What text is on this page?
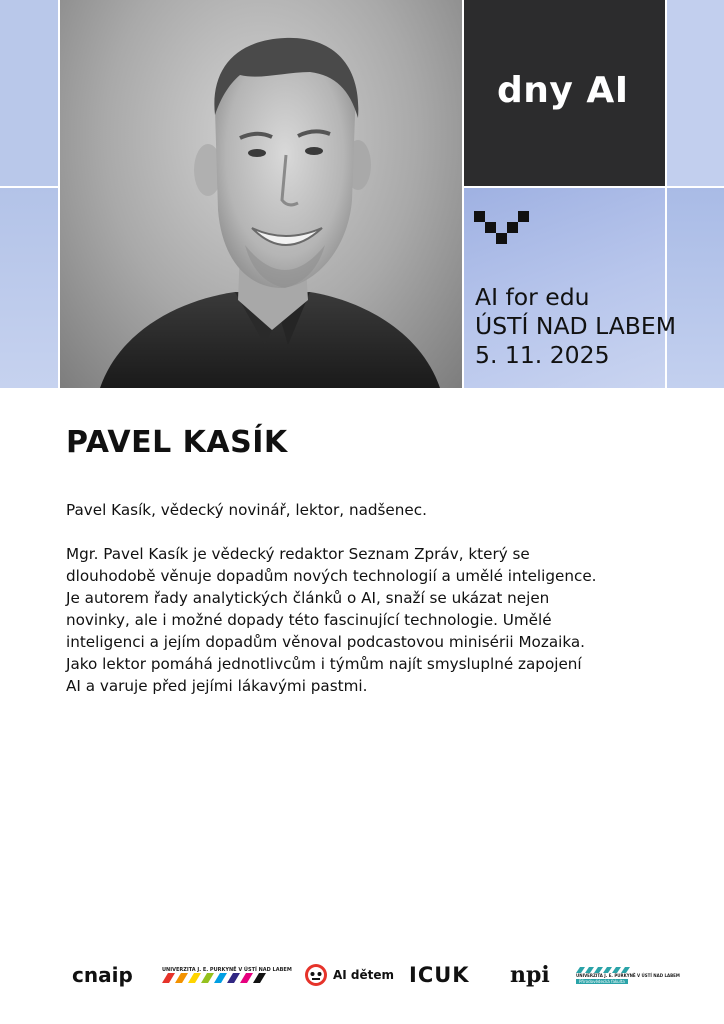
dny AI
AI for edu
ÚSTÍ NAD LABEM
5. 11. 2025
PAVEL KASÍK

Pavel Kasík, vědecký novinář, lektor, nadšenec.

Mgr. Pavel Kasík je vědecký redaktor Seznam Zpráv, který se
dlouhodobě věnuje dopadům nových technologií a umělé inteligence.
Je autorem řady analytických článků o AI, snaží se ukázat nejen
novinky, ale i možné dopady této fascinující technologie. Umělé
inteligenci a jejím dopadům věnoval podcastovou minisérii Mozaika.
Jako lektor pomáhá jednotlivcům i týmům najít smysluplné zapojení
AI a varuje před jejími lákavými pastmi.
cnaip	UNIVERZITA J. E. PURKYNĚ V ÚSTÍ NAD LABEM	AI dětem ICUK npi	UNIVERZITA J. E. PURKYNĚ V ÚSTÍ NAD LABEM
Přírodovědecká fakulta
